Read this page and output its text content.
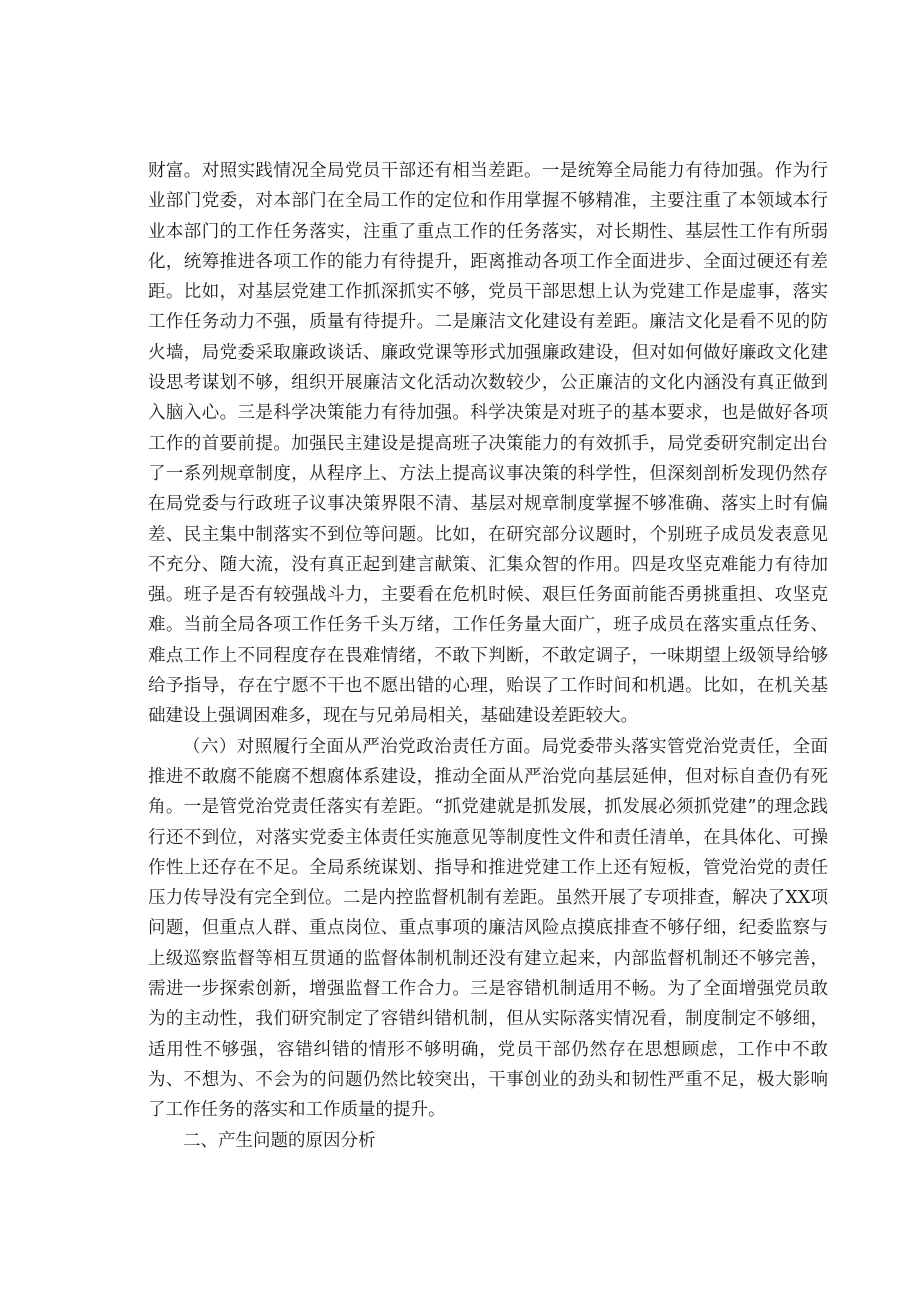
财富。对照实践情况全局党员干部还有相当差距。一是统筹全局能力有待加强。作为行业部门党委，对本部门在全局工作的定位和作用掌握不够精准，主要注重了本领域本行业本部门的工作任务落实，注重了重点工作的任务落实，对长期性、基层性工作有所弱化，统筹推进各项工作的能力有待提升，距离推动各项工作全面进步、全面过硬还有差距。比如，对基层党建工作抓深抓实不够，党员干部思想上认为党建工作是虚事，落实工作任务动力不强，质量有待提升。二是廉洁文化建设有差距。廉洁文化是看不见的防火墙，局党委采取廉政谈话、廉政党课等形式加强廉政建设，但对如何做好廉政文化建设思考谋划不够，组织开展廉洁文化活动次数较少，公正廉洁的文化内涵没有真正做到入脑入心。三是科学决策能力有待加强。科学决策是对班子的基本要求，也是做好各项工作的首要前提。加强民主建设是提高班子决策能力的有效抓手，局党委研究制定出台了一系列规章制度，从程序上、方法上提高议事决策的科学性，但深刻剖析发现仍然存在局党委与行政班子议事决策界限不清、基层对规章制度掌握不够准确、落实上时有偏差、民主集中制落实不到位等问题。比如，在研究部分议题时，个别班子成员发表意见不充分、随大流，没有真正起到建言献策、汇集众智的作用。四是攻坚克难能力有待加强。班子是否有较强战斗力，主要看在危机时候、艰巨任务面前能否勇挑重担、攻坚克难。当前全局各项工作任务千头万绪，工作任务量大面广，班子成员在落实重点任务、难点工作上不同程度存在畏难情绪，不敢下判断，不敢定调子，一味期望上级领导给够给予指导，存在宁愿不干也不愿出错的心理，贻误了工作时间和机遇。比如，在机关基础建设上强调困难多，现在与兄弟局相关，基础建设差距较大。

（六）对照履行全面从严治党政治责任方面。局党委带头落实管党治党责任，全面推进不敢腐不能腐不想腐体系建设，推动全面从严治党向基层延伸，但对标自查仍有死角。一是管党治党责任落实有差距。“抓党建就是抓发展，抓发展必须抓党建”的理念践行还不到位，对落实党委主体责任实施意见等制度性文件和责任清单，在具体化、可操作性上还存在不足。全局系统谋划、指导和推进党建工作上还有短板，管党治党的责任压力传导没有完全到位。二是内控监督机制有差距。虽然开展了专项排查，解决了XX项问题，但重点人群、重点岗位、重点事项的廉洁风险点摸底排查不够仔细，纪委监察与上级巡察监督等相互贯通的监督体制机制还没有建立起来，内部监督机制还不够完善，需进一步探索创新，增强监督工作合力。三是容错机制适用不畅。为了全面增强党员敢为的主动性，我们研究制定了容错纠错机制，但从实际落实情况看，制度制定不够细，适用性不够强，容错纠错的情形不够明确，党员干部仍然存在思想顾虑，工作中不敢为、不想为、不会为的问题仍然比较突出，干事创业的劲头和韧性严重不足，极大影响了工作任务的落实和工作质量的提升。

二、产生问题的原因分析
